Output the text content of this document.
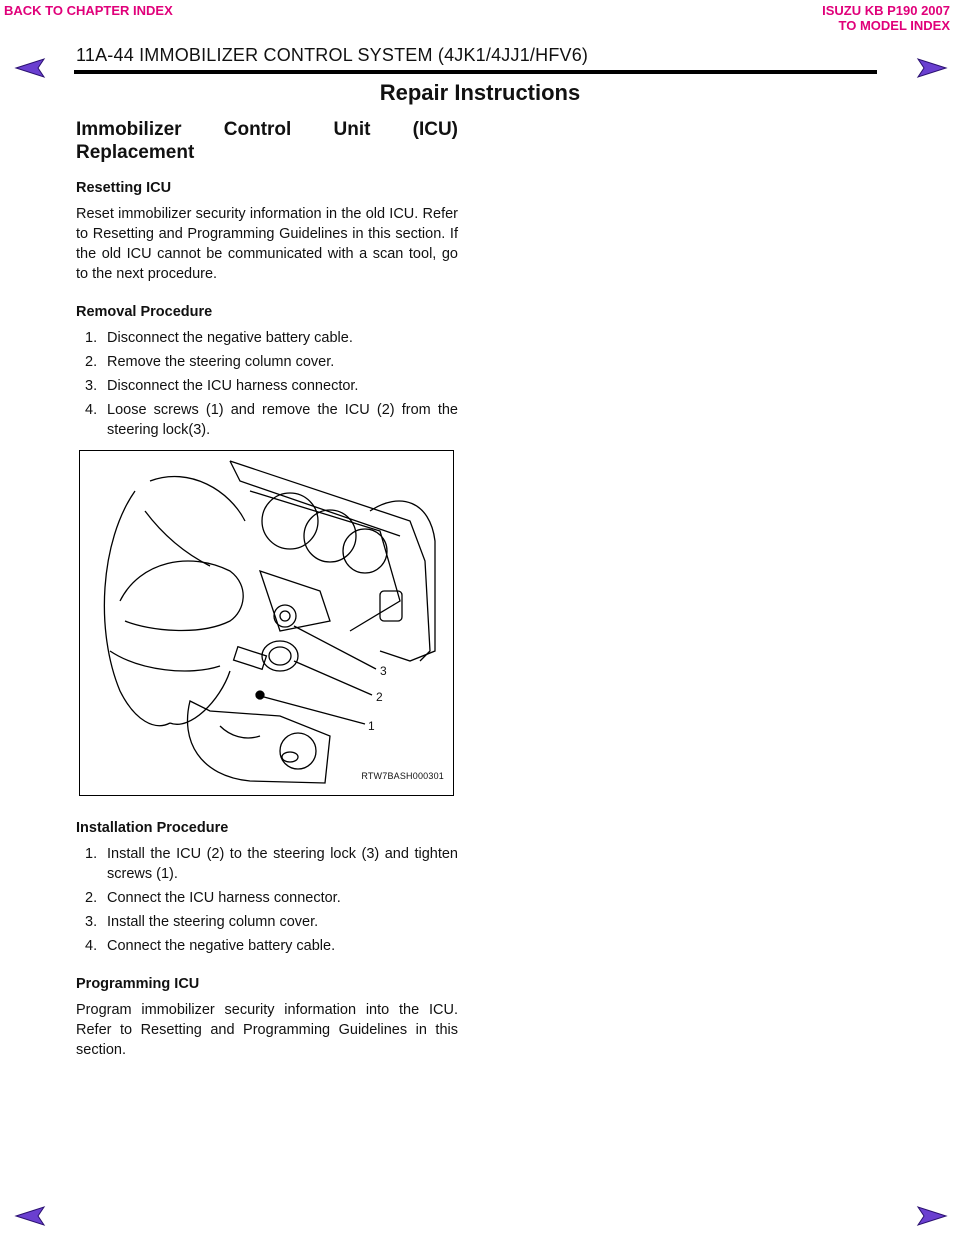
BACK TO CHAPTER INDEX	ISUZU KB P190 2007
TO MODEL INDEX
11A-44 IMMOBILIZER CONTROL SYSTEM (4JK1/4JJ1/HFV6)
Repair Instructions

Immobilizer Control Unit (ICU)

Replacement

Resetting ICU

Reset immobilizer security information in the old ICU. Refer to Resetting and Programming Guidelines in this section. If the old ICU cannot be communicated with a scan tool, go to the next procedure.

Removal Procedure

1. Disconnect the negative battery cable.
2. Remove the steering column cover.
3. Disconnect the ICU harness connector.
4. Loose screws (1) and remove the ICU (2) from the steering lock(3).
3
2
1
RTW7BASH000301

Installation Procedure

1. Install the ICU (2) to the steering lock (3) and tighten screws (1).
2. Connect the ICU harness connector.
3. Install the steering column cover.
4. Connect the negative battery cable.

Programming ICU

Program immobilizer security information into the ICU. Refer to Resetting and Programming Guidelines in this section.
